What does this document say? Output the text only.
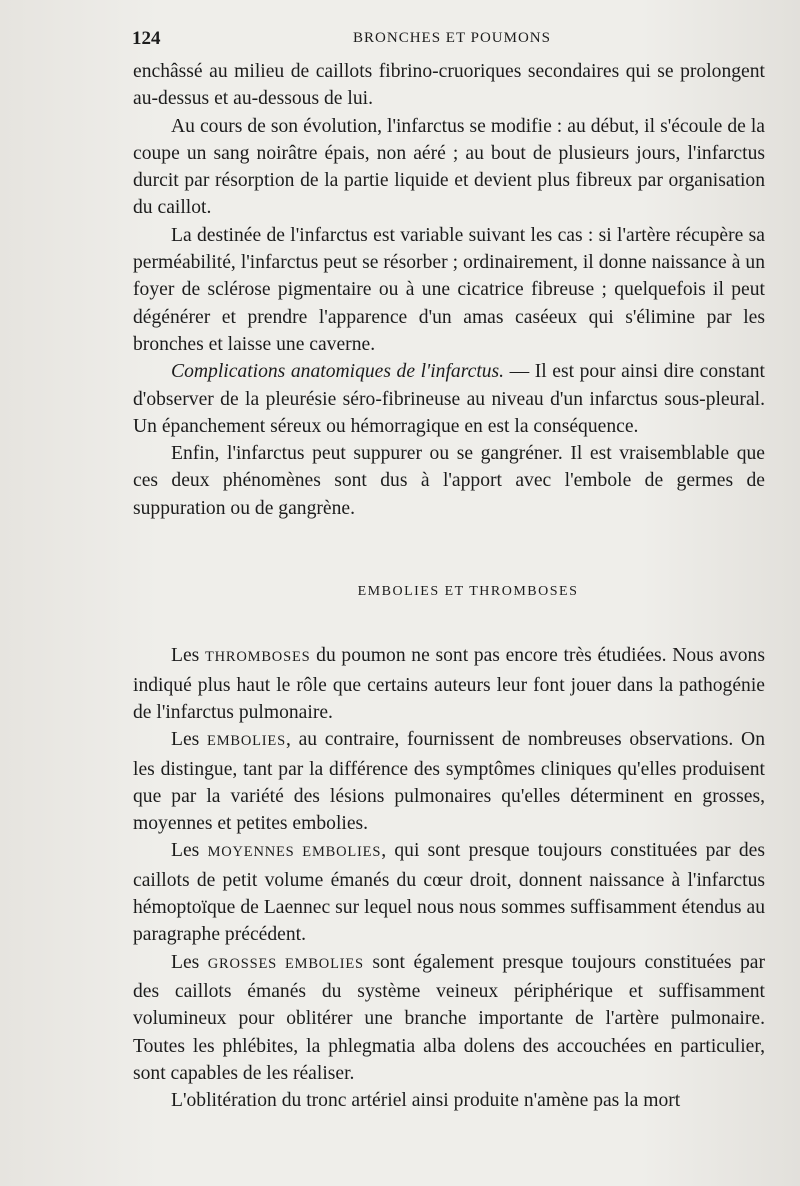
124	BRONCHES ET POUMONS

enchâssé au milieu de caillots fibrino-cruoriques secondaires qui se prolongent au-dessus et au-dessous de lui.

Au cours de son évolution, l'infarctus se modifie : au début, il s'écoule de la coupe un sang noirâtre épais, non aéré ; au bout de plusieurs jours, l'infarctus durcit par résorption de la partie liquide et devient plus fibreux par organisation du caillot.

La destinée de l'infarctus est variable suivant les cas : si l'artère récupère sa perméabilité, l'infarctus peut se résorber ; ordinairement, il donne naissance à un foyer de sclérose pigmentaire ou à une cicatrice fibreuse ; quelquefois il peut dégénérer et prendre l'apparence d'un amas caséeux qui s'élimine par les bronches et laisse une caverne.

Complications anatomiques de l'infarctus. — Il est pour ainsi dire constant d'observer de la pleurésie séro-fibrineuse au niveau d'un infarctus sous-pleural. Un épanchement séreux ou hémorragique en est la conséquence.

Enfin, l'infarctus peut suppurer ou se gangréner. Il est vraisemblable que ces deux phénomènes sont dus à l'apport avec l'embole de germes de suppuration ou de gangrène.

EMBOLIES ET THROMBOSES

Les THROMBOSES du poumon ne sont pas encore très étudiées. Nous avons indiqué plus haut le rôle que certains auteurs leur font jouer dans la pathogénie de l'infarctus pulmonaire.

Les EMBOLIES, au contraire, fournissent de nombreuses observations. On les distingue, tant par la différence des symptômes cliniques qu'elles produisent que par la variété des lésions pulmonaires qu'elles déterminent en grosses, moyennes et petites embolies.

Les MOYENNES EMBOLIES, qui sont presque toujours constituées par des caillots de petit volume émanés du cœur droit, donnent naissance à l'infarctus hémoptoïque de Laennec sur lequel nous nous sommes suffisamment étendus au paragraphe précédent.

Les GROSSES EMBOLIES sont également presque toujours constituées par des caillots émanés du système veineux périphérique et suffisamment volumineux pour oblitérer une branche importante de l'artère pulmonaire. Toutes les phlébites, la phlegmatia alba dolens des accouchées en particulier, sont capables de les réaliser.

L'oblitération du tronc artériel ainsi produite n'amène pas la mort
